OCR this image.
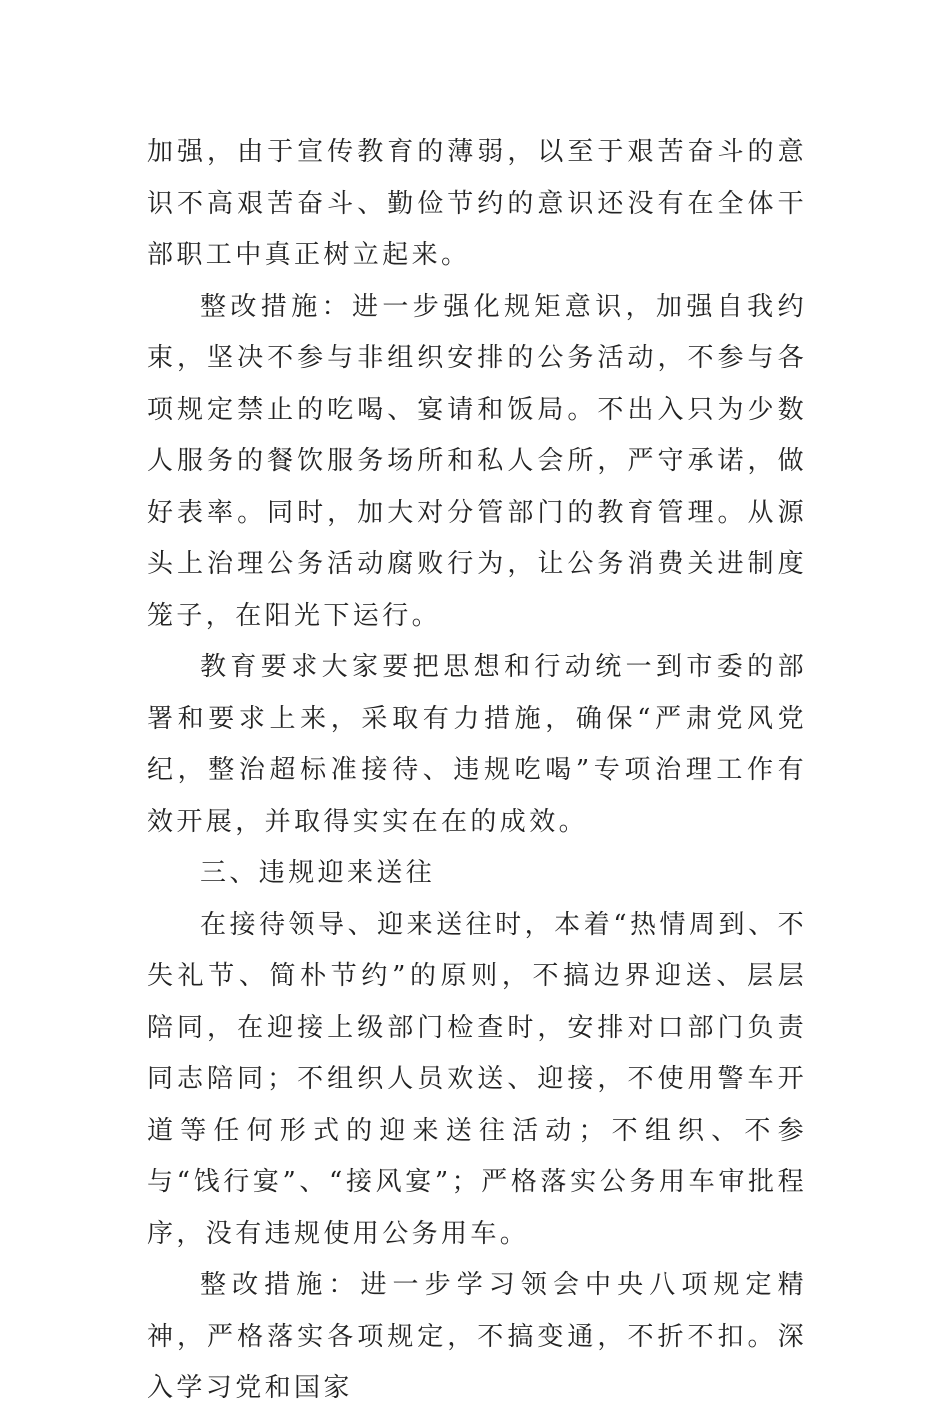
加强，由于宣传教育的薄弱，以至于艰苦奋斗的意识不高艰苦奋斗、勤俭节约的意识还没有在全体干部职工中真正树立起来。

整改措施：进一步强化规矩意识，加强自我约束，坚决不参与非组织安排的公务活动，不参与各项规定禁止的吃喝、宴请和饭局。不出入只为少数人服务的餐饮服务场所和私人会所，严守承诺，做好表率。同时，加大对分管部门的教育管理。从源头上治理公务活动腐败行为，让公务消费关进制度笼子，在阳光下运行。

教育要求大家要把思想和行动统一到市委的部署和要求上来，采取有力措施，确保“严肃党风党纪，整治超标准接待、违规吃喝”专项治理工作有效开展，并取得实实在在的成效。

三、违规迎来送往

在接待领导、迎来送往时，本着“热情周到、不失礼节、简朴节约”的原则，不搞边界迎送、层层陪同，在迎接上级部门检查时，安排对口部门负责同志陪同；不组织人员欢送、迎接，不使用警车开道等任何形式的迎来送往活动；不组织、不参与“饯行宴”、“接风宴”；严格落实公务用车审批程序，没有违规使用公务用车。

整改措施：进一步学习领会中央八项规定精神，严格落实各项规定，不搞变通，不折不扣。深入学习党和国家
